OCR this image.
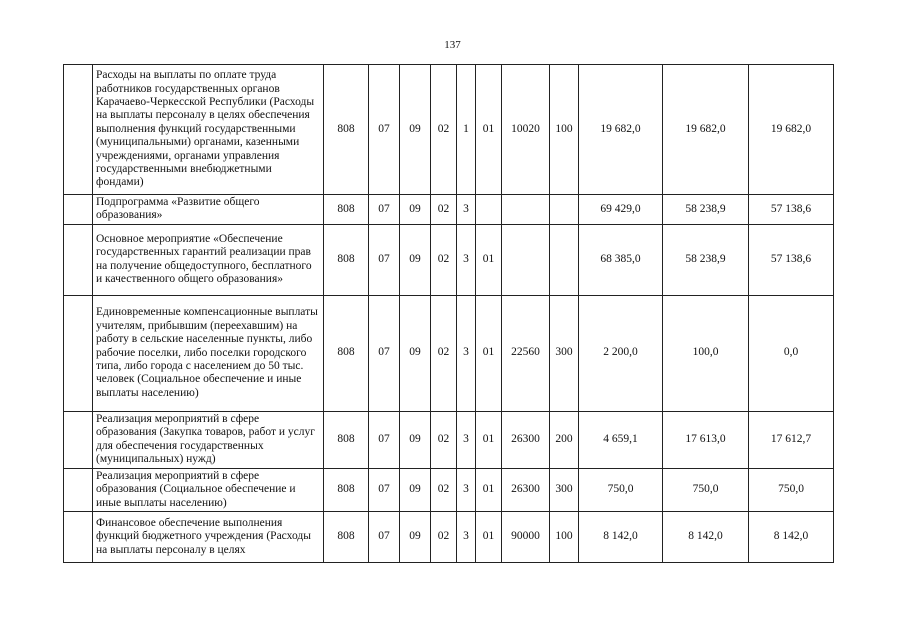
137
	Расходы на выплаты по оплате труда работников государственных органов Карачаево-Черкесской Республики (Расходы на выплаты персоналу в целях обеспечения выполнения функций государственными (муниципальными) органами, казенными учреждениями, органами управления государственными внебюджетными фондами)	808	07	09	02	1	01	10020	100	19 682,0	19 682,0	19 682,0
	Подпрограмма «Развитие общего образования»	808	07	09	02	3				69 429,0	58 238,9	57 138,6
	Основное мероприятие «Обеспечение государственных гарантий реализации прав на получение общедоступного, бесплатного и качественного общего образования»	808	07	09	02	3	01			68 385,0	58 238,9	57 138,6
	Единовременные компенсационные выплаты учителям, прибывшим (переехавшим) на работу в сельские населенные пункты, либо рабочие поселки, либо поселки городского типа, либо города с населением до 50 тыс. человек (Социальное обеспечение и иные выплаты населению)	808	07	09	02	3	01	22560	300	2 200,0	100,0	0,0
	Реализация мероприятий в сфере образования (Закупка товаров, работ и услуг для обеспечения государственных (муниципальных) нужд)	808	07	09	02	3	01	26300	200	4 659,1	17 613,0	17 612,7
	Реализация мероприятий в сфере образования (Социальное обеспечение и иные выплаты населению)	808	07	09	02	3	01	26300	300	750,0	750,0	750,0
	Финансовое обеспечение выполнения функций бюджетного учреждения (Расходы на выплаты персоналу в целях	808	07	09	02	3	01	90000	100	8 142,0	8 142,0	8 142,0
